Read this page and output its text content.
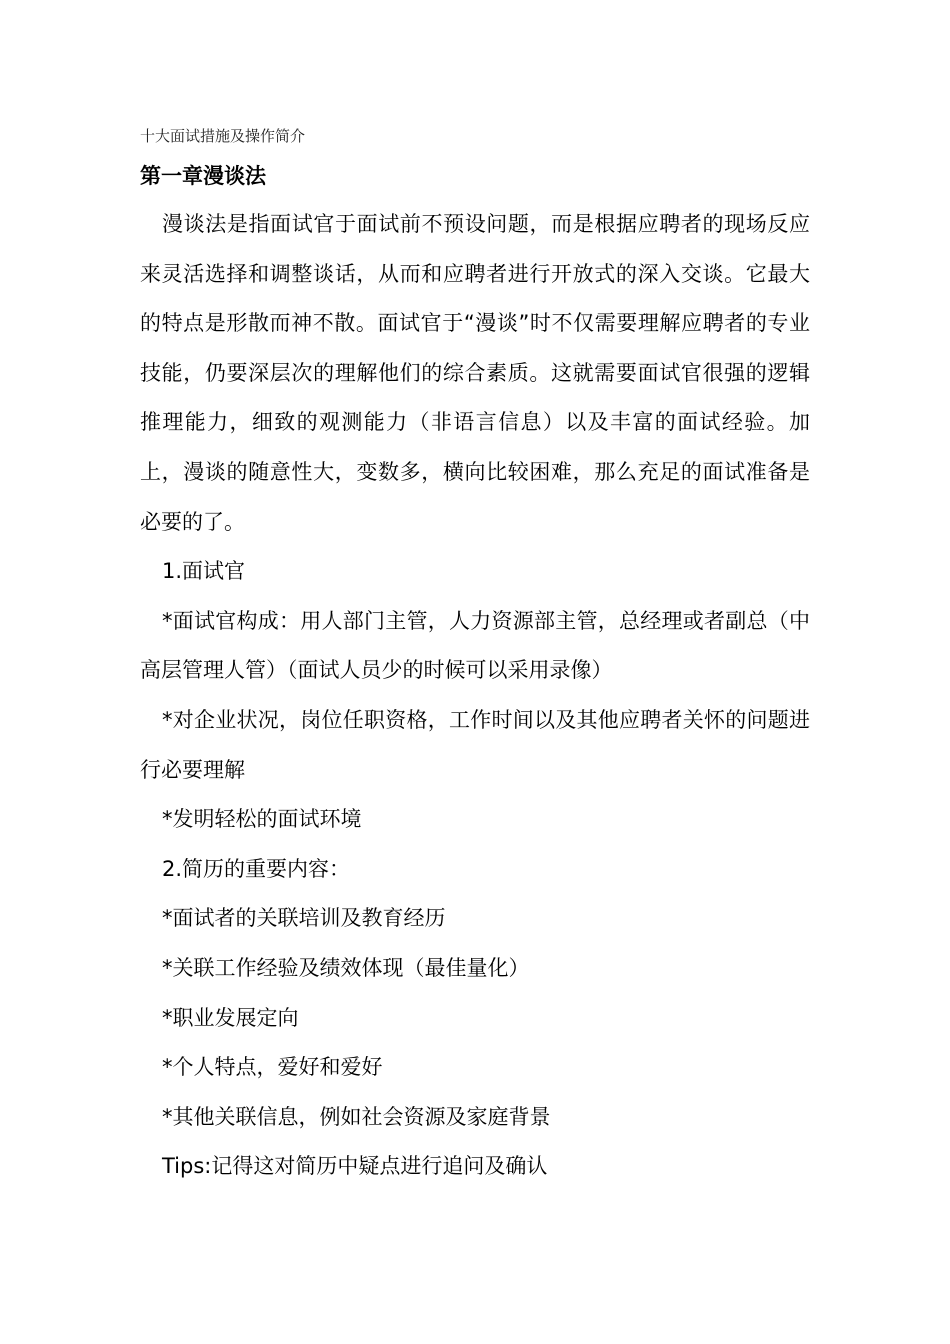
十大面试措施及操作简介
第一章漫谈法

漫谈法是指面试官于面试前不预设问题，而是根据应聘者的现场反应来灵活选择和调整谈话，从而和应聘者进行开放式的深入交谈。它最大的特点是形散而神不散。面试官于“漫谈”时不仅需要理解应聘者的专业技能，仍要深层次的理解他们的综合素质。这就需要面试官很强的逻辑推理能力，细致的观测能力（非语言信息）以及丰富的面试经验。加上，漫谈的随意性大，变数多，横向比较困难，那么充足的面试准备是必要的了。

1.面试官

*面试官构成：用人部门主管，人力资源部主管，总经理或者副总（中高层管理人管）（面试人员少的时候可以采用录像）

*对企业状况，岗位任职资格，工作时间以及其他应聘者关怀的问题进行必要理解

*发明轻松的面试环境

2.简历的重要内容：

*面试者的关联培训及教育经历

*关联工作经验及绩效体现（最佳量化）

*职业发展定向

*个人特点，爱好和爱好

*其他关联信息，例如社会资源及家庭背景

Tips:记得这对简历中疑点进行追问及确认
